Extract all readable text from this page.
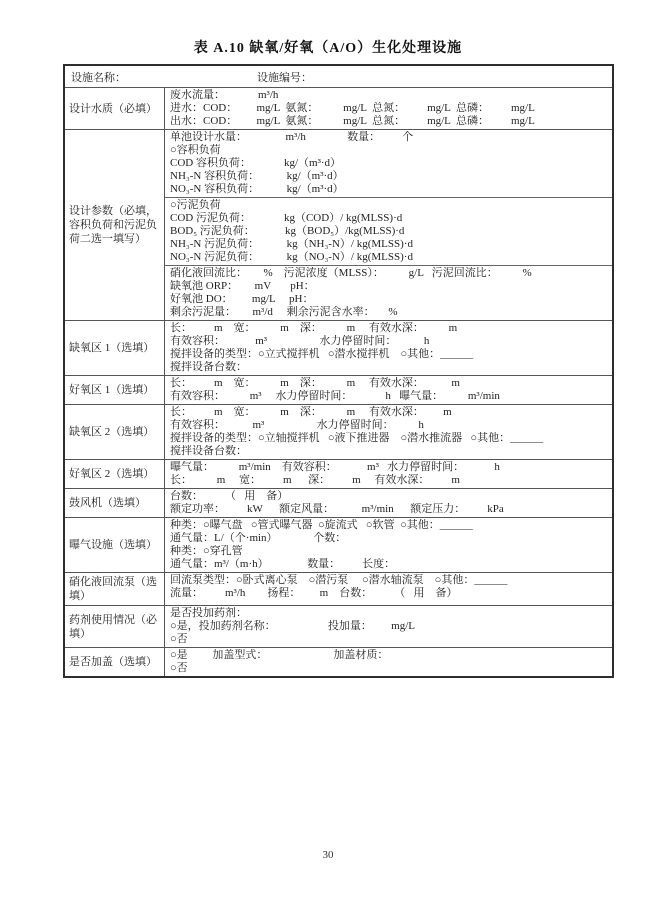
表 A.10 缺氧/好氧（A/O）生化处理设施
设施名称：	设施编号：
设计水质（必填）
废水流量：            m³/h
进水：COD：       mg/L  氨氮：         mg/L  总氮：        mg/L  总磷：        mg/L
出水：COD：       mg/L  氨氮：         mg/L  总氮：        mg/L  总磷：        mg/L
设计参数（必填，容积负荷和污泥负荷二选一填写）
单池设计水量：              m³/h               数量：        个
○容积负荷
COD 容积负荷：            kg/（m³·d）
NH₃-N 容积负荷：          kg/（m³·d）
NO₃-N 容积负荷：          kg/（m³·d）
○污泥负荷
COD 污泥负荷：            kg（COD）/ kg(MLSS)·d
BOD₅ 污泥负荷：           kg（BOD₅）/kg(MLSS)·d
NH₃-N 污泥负荷：          kg（NH₃-N）/ kg(MLSS)·d
NO₃-N 污泥负荷：          kg（NO₃-N）/ kg(MLSS)·d
硝化液回流比：      %    污泥浓度（MLSS）：         g/L   污泥回流比：         %
缺氧池 ORP：      mV       pH：
好氧池 DO：       mg/L     pH：
剩余污泥量：      m³/d     剩余污泥含水率：     %
缺氧区 1（选填）
长：        m    宽：         m    深：         m     有效水深：         m
有效容积：           m³                   水力停留时间：          h
搅拌设备的类型：○立式搅拌机   ○潜水搅拌机    ○其他：______
搅拌设备台数：
好氧区 1（选填）
长：        m    宽：         m    深：         m     有效水深：          m
有效容积：         m³     水力停留时间：            h   曝气量：         m³/min
缺氧区 2（选填）
长：        m    宽：         m    深：         m     有效水深：       m
有效容积：          m³                   水力停留时间：         h
搅拌设备的类型：○立轴搅拌机   ○液下推进器    ○潜水推流器   ○其他：______
搅拌设备台数：
好氧区 2（选填）
曝气量：         m³/min    有效容积：           m³   水力停留时间：           h
长：         m     宽：        m      深：        m     有效水深：        m
鼓风机（选填）
台数：        （   用    备）
额定功率：        kW      额定风量：          m³/min      额定压力：        kPa
曝气设施（选填）
种类：○曝气盘   ○管式曝气器  ○旋流式   ○软管  ○其他：______
通气量：L/（个·min）             个数：
种类：○穿孔管
通气量：m³/（m·h）              数量：        长度：
硝化液回流泵（选填）
回流泵类型：○卧式离心泵    ○潜污泵     ○潜水轴流泵    ○其他：______
流量：        m³/h        扬程：       m    台数：        （   用    备）
药剂使用情况（必填）
是否投加药剂：
○是，投加药剂名称：                   投加量：       mg/L
○否
是否加盖（选填）
○是         加盖型式：                        加盖材质：
○否
30
